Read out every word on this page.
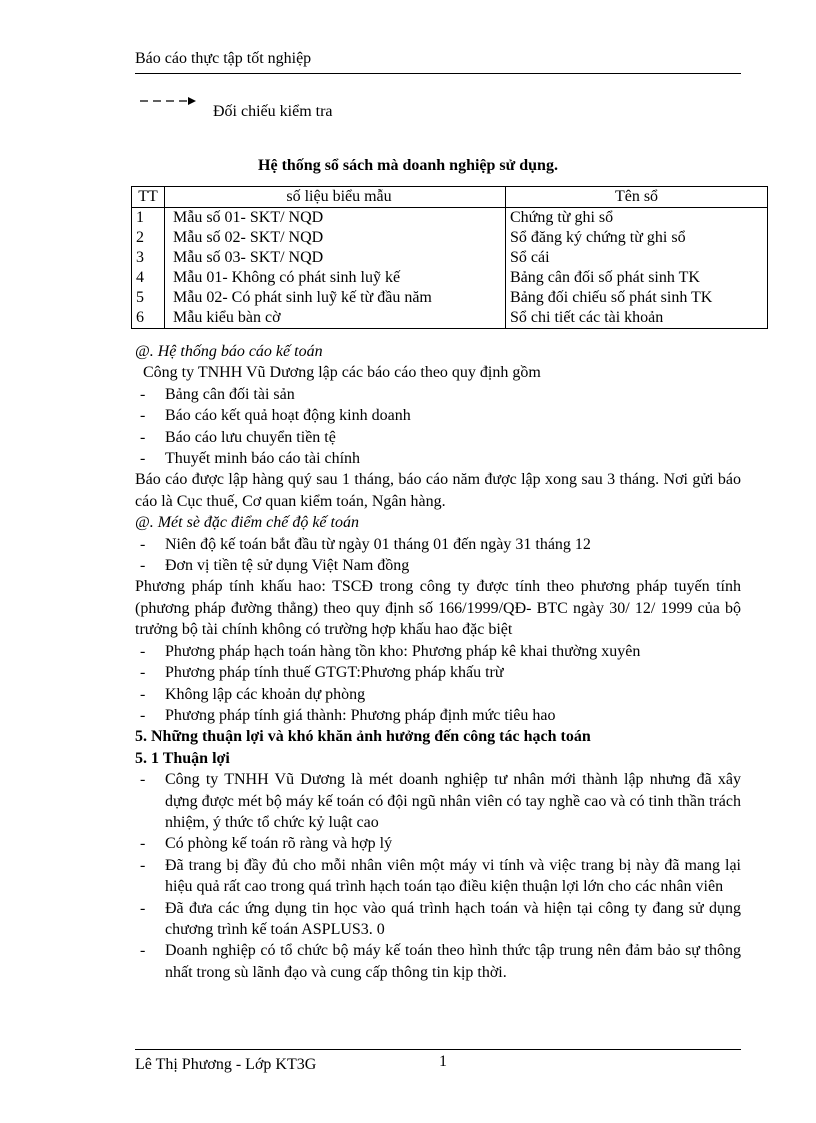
Báo cáo thực tập tốt nghiệp
Đối chiếu kiểm tra
Hệ thống sổ sách mà doanh nghiệp sử dụng.
TT	số liệu biểu mẫu	Tên sổ
1	Mẫu số 01- SKT/ NQD	Chứng từ ghi sổ
2	Mẫu số 02- SKT/ NQD	Sổ đăng ký chứng từ ghi sổ
3	Mẫu số 03- SKT/ NQD	Sổ cái
4	Mẫu 01- Không có phát sinh luỹ kế	Bảng cân đối số phát sinh TK
5	Mẫu 02- Có phát sinh luỹ kế từ đầu năm	Bảng đối chiếu số phát sinh TK
6	Mẫu kiểu bàn cờ	Sổ chi tiết các tài khoản

@. Hệ thống báo cáo kế toán

Công ty TNHH Vũ Dương lập các báo cáo theo quy định gồm

-	Bảng cân đối tài sản
-	Báo cáo kết quả hoạt động kinh doanh
-	Báo cáo lưu chuyển tiền tệ
-	Thuyết minh báo cáo tài chính

Báo cáo được lập hàng quý sau 1 tháng, báo cáo năm được lập xong sau 3 tháng. Nơi gửi báo cáo là Cục thuế, Cơ quan kiểm toán, Ngân hàng.

@. Mét sè đặc điểm chế độ kế toán

-	Niên độ kế toán bắt đầu từ ngày 01 tháng 01 đến ngày 31 tháng 12
-	Đơn vị tiền tệ sử dụng Việt Nam đồng

Phương pháp tính khấu hao: TSCĐ trong công ty được tính theo phương pháp tuyến tính (phương pháp đường thẳng) theo quy định số 166/1999/QĐ- BTC ngày 30/ 12/ 1999 của bộ trưởng bộ tài chính không có trường hợp khấu hao đặc biệt

-	Phương pháp hạch toán hàng tồn kho: Phương pháp kê khai thường xuyên
-	Phương pháp tính thuế GTGT:Phương pháp khấu trừ
-	Không lập các khoản dự phòng
-	Phương pháp tính giá thành: Phương pháp định mức tiêu hao

5. Những thuận lợi và khó khăn ảnh hưởng đến công tác hạch toán

5. 1 Thuận lợi

-	Công ty TNHH Vũ Dương là mét doanh nghiệp tư nhân mới thành lập nhưng đã xây dựng được mét bộ máy kế toán có đội ngũ nhân viên có tay nghề cao và có tinh thần trách nhiệm, ý thức tổ chức kỷ luật cao
-	Có phòng kế toán rõ ràng và hợp lý
-	Đã trang bị đầy đủ cho mỗi nhân viên một máy vi tính và việc trang bị này đã mang lại hiệu quả rất cao trong quá trình hạch toán tạo điều kiện thuận lợi lớn cho các nhân viên
-	Đã đưa các ứng dụng tin học vào quá trình hạch toán và hiện tại công ty đang sử dụng chương trình kế toán ASPLUS3. 0
-	Doanh nghiệp có tổ chức bộ máy kế toán theo hình thức tập trung nên đảm bảo sự thông nhất trong sù lãnh đạo và cung cấp thông tin kịp thời.
Lê Thị Phương - Lớp KT3G	1
